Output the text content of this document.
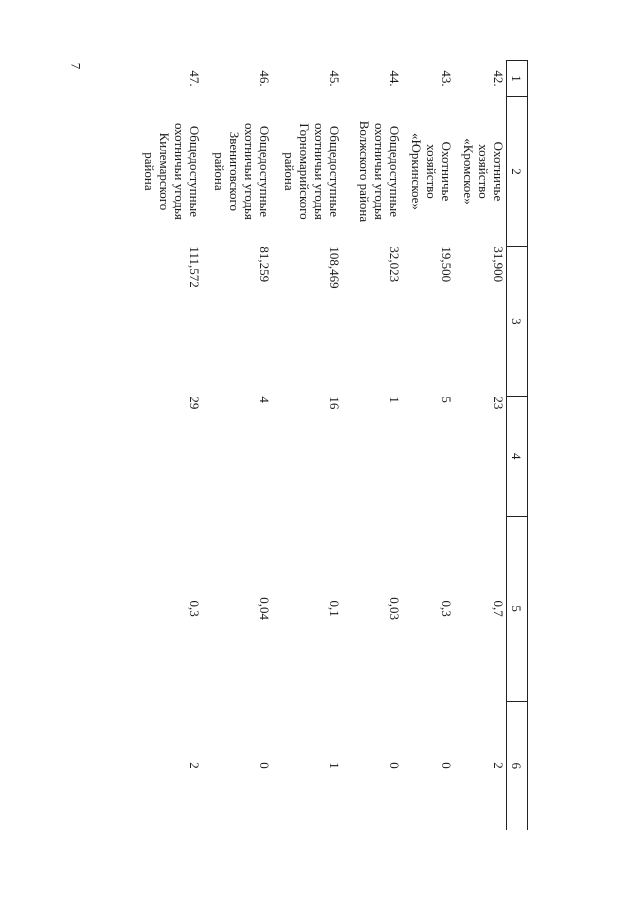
7
1	2	3	4	5	6
42.	Охотничье
хозяйство
«Кромское»	31,900	23	0,7	2
43.	Охотничье
хозяйство
«Юркинское»	19,500	5	0,3	0
44.	Общедоступные
охотничьи угодья
Волжского района	32,023	1	0,03	0
45.	Общедоступные
охотничьи угодья
Горномарийского
района	108,469	16	0,1	1
46.	Общедоступные
охотничьи угодья
Звениговского
района	81,259	4	0,04	0
47.	Общедоступные
охотничьи угодья
Килемарского
района	111,572	29	0,3	2
